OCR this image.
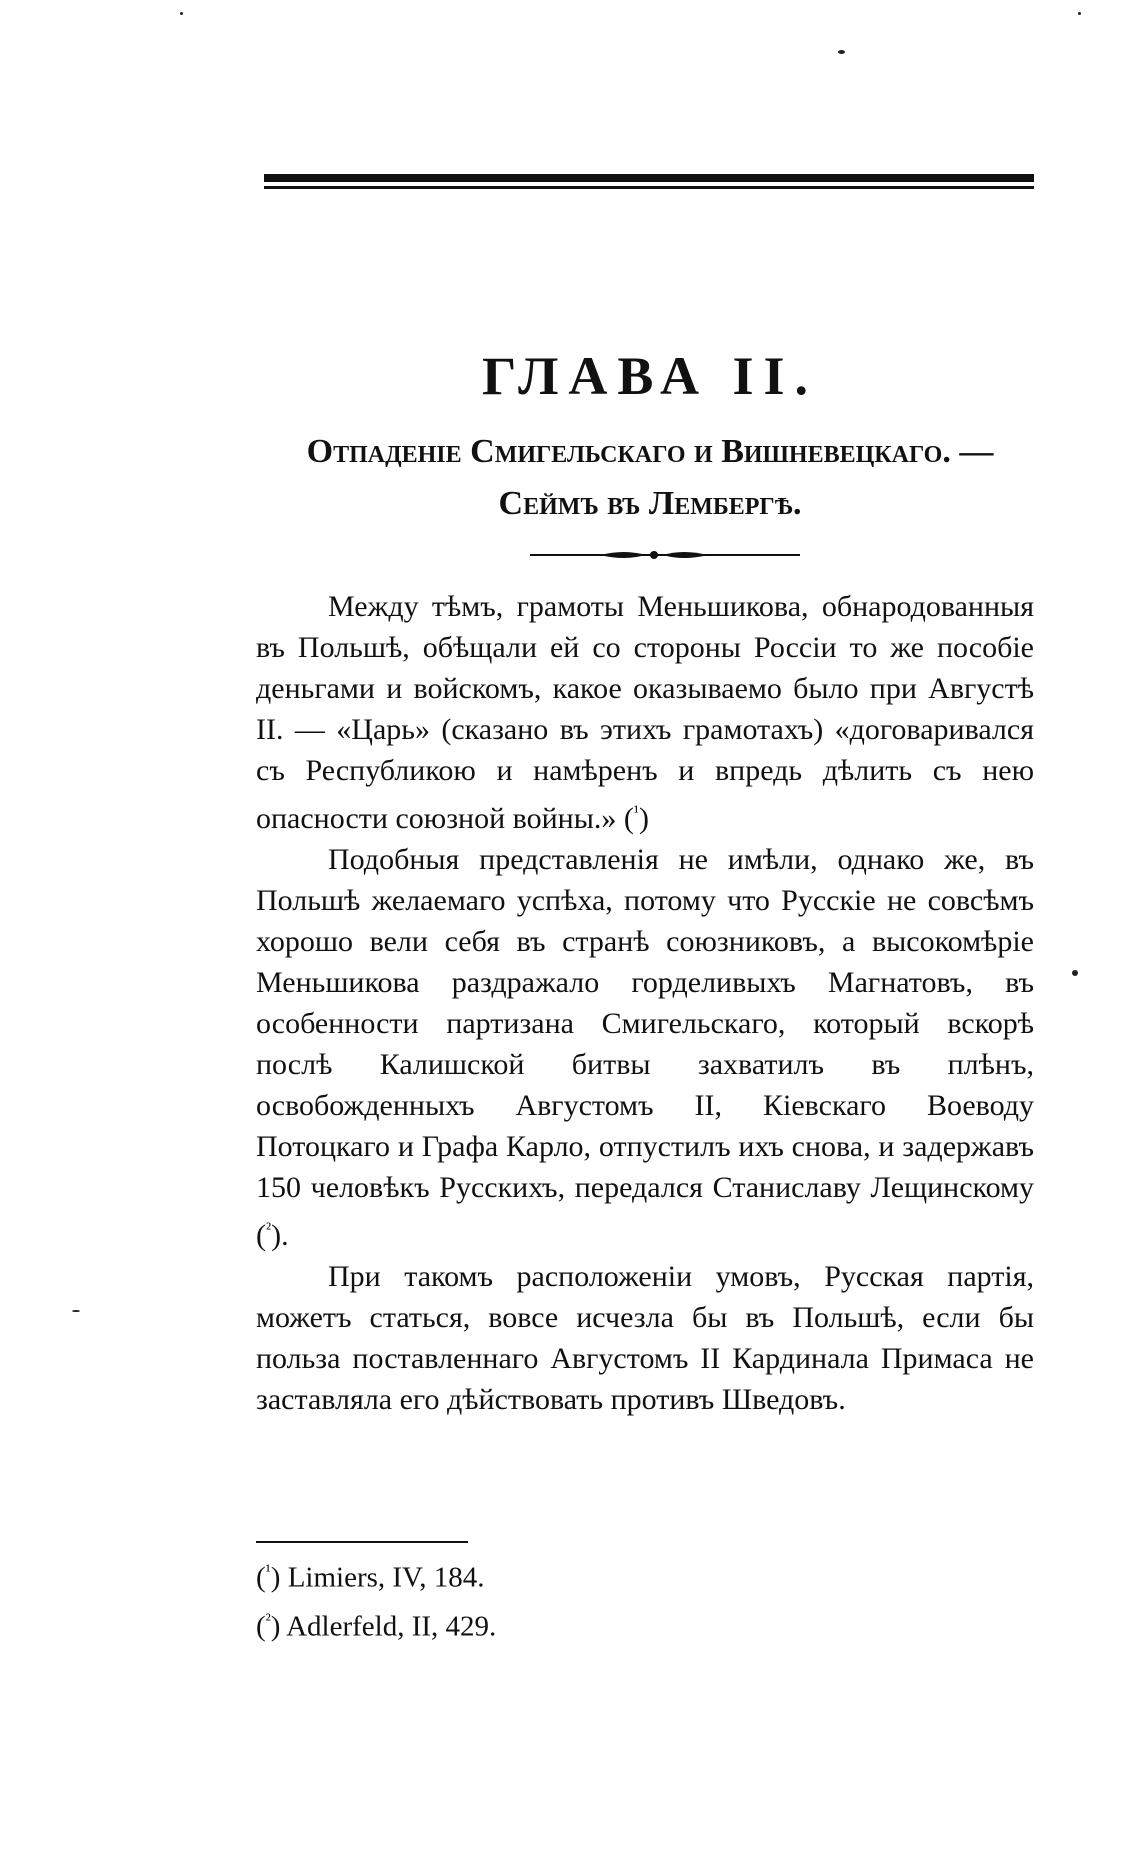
ГЛАВА II.

Отпаденіе Смигельскаго и Вишневецкаго. —

Сеймъ въ Лембергѣ.

Между тѣмъ, грамоты Меньшикова, обнародованныя въ Польшѣ, обѣщали ей со стороны Россіи то же пособіе деньгами и войскомъ, какое оказываемо было при Августѣ II. — «Царь» (сказано въ этихъ грамотахъ) «договаривался съ Республикою и намѣренъ и впредь дѣлить съ нею опасности союзной войны.» ($^{^1}$)

Подобныя представленія не имѣли, однако же, въ Польшѣ желаемаго успѣха, потому что Русскіе не совсѣмъ хорошо вели себя въ странѣ союзниковъ, а высокомѣріе Меньшикова раздражало горделивыхъ Магнатовъ, въ особенности партизана Смигельскаго, который вскорѣ послѣ Калишской битвы захватилъ въ плѣнъ, освобожденныхъ Августомъ II, Кіевскаго Воеводу Потоцкаго и Графа Карло, отпустилъ ихъ снова, и задержавъ 150 человѣкъ Русскихъ, передался Станиславу Лещинскому ($^{^2}$).

При такомъ расположеніи умовъ, Русская партія, можетъ статься, вовсе исчезла бы въ Польшѣ, если бы польза поставленнаго Августомъ II Кардинала Примаса не заставляла его дѣйствовать противъ Шведовъ.

($^{^1}$) Limiers, IV, 184.
($^{^2}$) Adlerfeld, II, 429.
